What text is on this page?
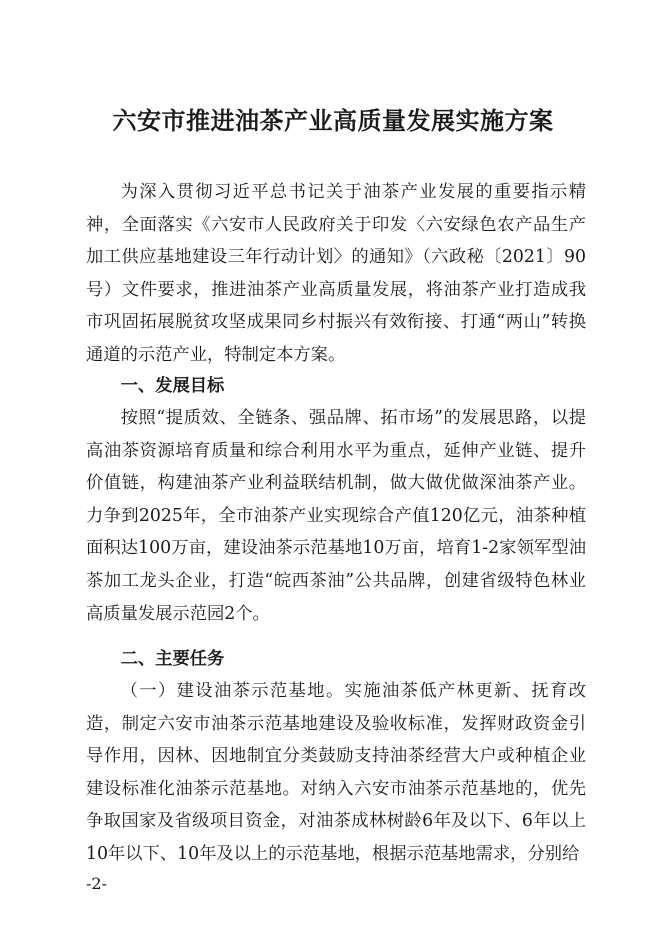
六安市推进油茶产业高质量发展实施方案

为深入贯彻习近平总书记关于油茶产业发展的重要指示精神，全面落实《六安市人民政府关于印发〈六安绿色农产品生产加工供应基地建设三年行动计划〉的通知》（六政秘〔2021〕90号）文件要求，推进油茶产业高质量发展，将油茶产业打造成我市巩固拓展脱贫攻坚成果同乡村振兴有效衔接、打通“两山”转换通道的示范产业，特制定本方案。

一、发展目标

按照“提质效、全链条、强品牌、拓市场”的发展思路，以提高油茶资源培育质量和综合利用水平为重点，延伸产业链、提升价值链，构建油茶产业利益联结机制，做大做优做深油茶产业。力争到2025年，全市油茶产业实现综合产值120亿元，油茶种植面积达100万亩，建设油茶示范基地10万亩，培育1-2家领军型油茶加工龙头企业，打造“皖西茶油”公共品牌，创建省级特色林业高质量发展示范园2个。

二、主要任务

（一）建设油茶示范基地。实施油茶低产林更新、抚育改造，制定六安市油茶示范基地建设及验收标准，发挥财政资金引导作用，因林、因地制宜分类鼓励支持油茶经营大户或种植企业建设标准化油茶示范基地。对纳入六安市油茶示范基地的，优先争取国家及省级项目资金，对油茶成林树龄6年及以下、6年以上10年以下、10年及以上的示范基地，根据示范基地需求，分别给

-2-
